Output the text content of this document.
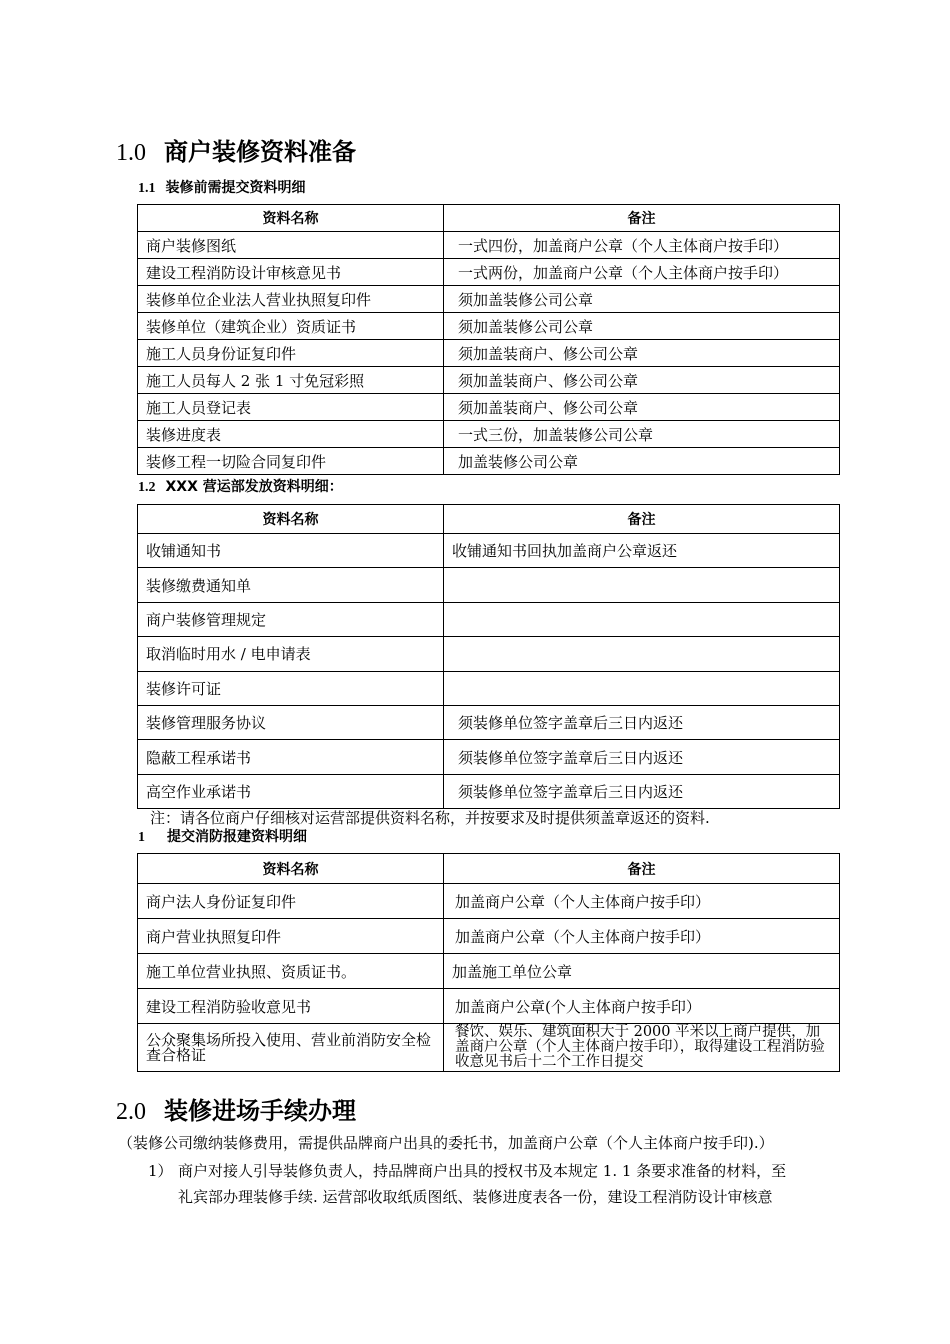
1.0 商户装修资料准备
1.1 装修前需提交资料明细
资料名称	备注
商户装修图纸	一式四份，加盖商户公章（个人主体商户按手印）
建设工程消防设计审核意见书	一式两份，加盖商户公章（个人主体商户按手印）
装修单位企业法人营业执照复印件	须加盖装修公司公章
装修单位（建筑企业）资质证书	须加盖装修公司公章
施工人员身份证复印件	须加盖装商户、修公司公章
施工人员每人 2 张 1 寸免冠彩照	须加盖装商户、修公司公章
施工人员登记表	须加盖装商户、修公司公章
装修进度表	一式三份，加盖装修公司公章
装修工程一切险合同复印件	加盖装修公司公章
1.2 XXX 营运部发放资料明细：
资料名称	备注
收铺通知书	收铺通知书回执加盖商户公章返还
装修缴费通知单	
商户装修管理规定	
取消临时用水 / 电申请表	
装修许可证	
装修管理服务协议	须装修单位签字盖章后三日内返还
隐蔽工程承诺书	须装修单位签字盖章后三日内返还
高空作业承诺书	须装修单位签字盖章后三日内返还
注：请各位商户仔细核对运营部提供资料名称，并按要求及时提供须盖章返还的资料.
1 提交消防报建资料明细
资料名称	备注
商户法人身份证复印件	加盖商户公章（个人主体商户按手印）
商户营业执照复印件	加盖商户公章（个人主体商户按手印）
施工单位营业执照、资质证书。	加盖施工单位公章
建设工程消防验收意见书	加盖商户公章(个人主体商户按手印）
公众聚集场所投入使用、营业前消防安全检查合格证	餐饮、娱乐、建筑面积大于 2000 平米以上商户提供，加盖商户公章（个人主体商户按手印），取得建设工程消防验收意见书后十二个工作日提交
2.0 装修进场手续办理
（装修公司缴纳装修费用，需提供品牌商户出具的委托书，加盖商户公章（个人主体商户按手印).）
1） 商户对接人引导装修负责人，持品牌商户出具的授权书及本规定 1. 1 条要求准备的材料，至
礼宾部办理装修手续. 运营部收取纸质图纸、装修进度表各一份，建设工程消防设计审核意
